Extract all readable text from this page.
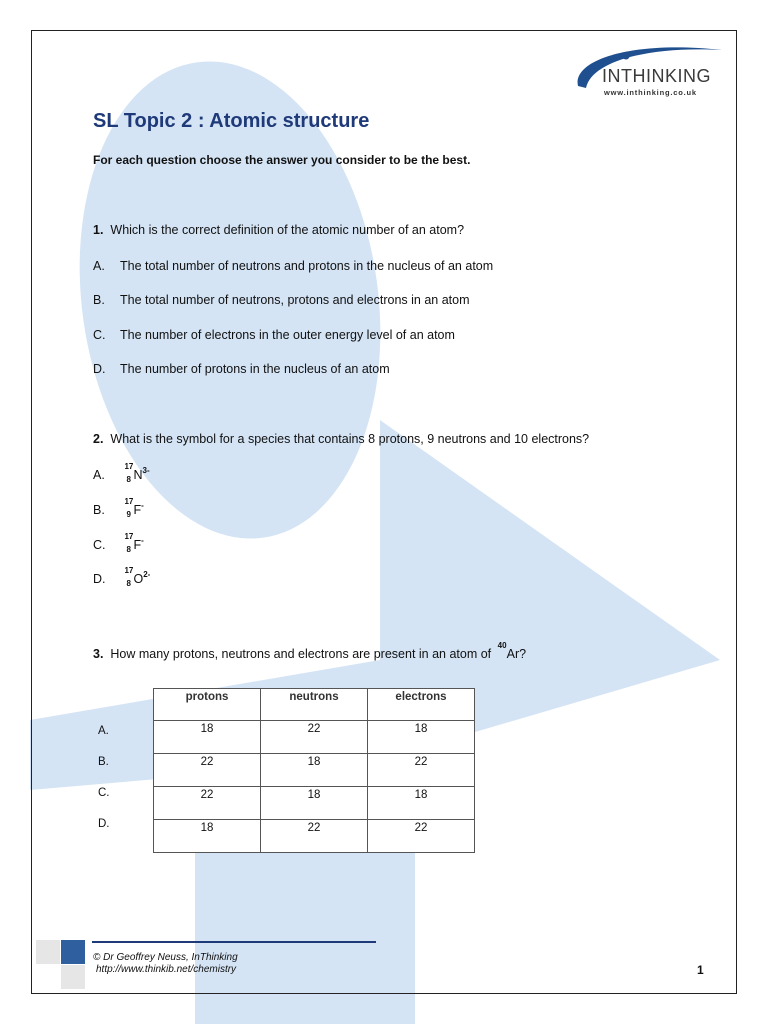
INTHINKING
www.inthinking.co.uk
SL Topic 2 : Atomic structure
For each question choose the answer you consider to be the best.
1. Which is the correct definition of the atomic number of an atom?
A. The total number of neutrons and protons in the nucleus of an atom
B. The total number of neutrons, protons and electrons in an atom
C. The number of electrons in the outer energy level of an atom
D. The number of protons in the nucleus of an atom
2. What is the symbol for a species that contains 8 protons, 9 neutrons and 10 electrons?
A.
17
8 $N^{3-}$
B.
17
9 F-
C.
17
8 F-
D.
17
8 $O^{2-}$
3. How many protons, neutrons and electrons are present in an atom of
40
Ar?
protons	neutrons	electrons
18	22	18
22	18	22
22	18	18
18	22	22
A.
B.
C.
D.
© Dr Geoffrey Neuss, InThinking
http://www.thinkib.net/chemistry	1
